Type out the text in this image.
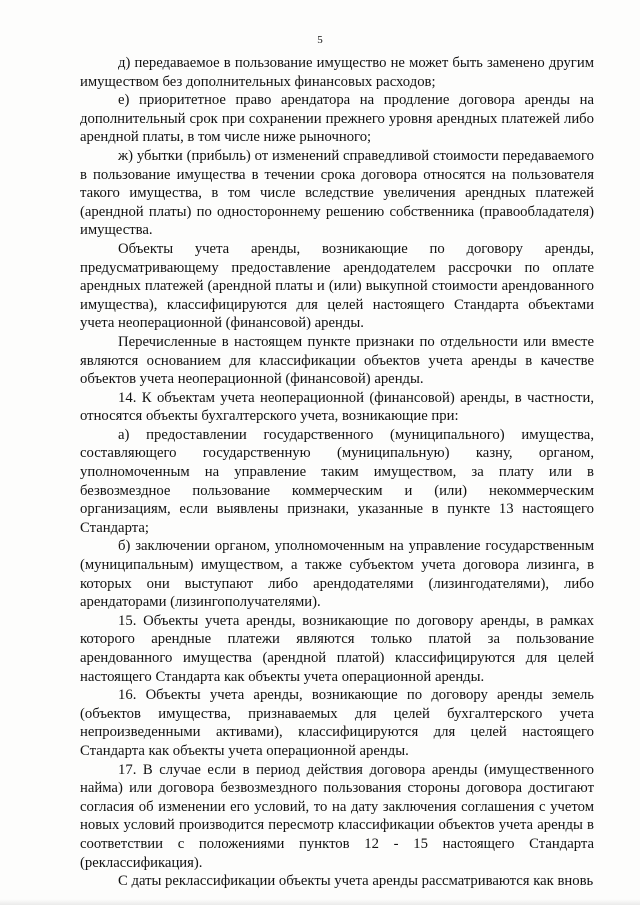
5

д) передаваемое в пользование имущество не может быть заменено другим имуществом без дополнительных финансовых расходов;

е) приоритетное право арендатора на продление договора аренды на дополнительный срок при сохранении прежнего уровня арендных платежей либо арендной платы, в том числе ниже рыночного;

ж) убытки (прибыль) от изменений справедливой стоимости передаваемого в пользование имущества в течении срока договора относятся на пользователя такого имущества, в том числе вследствие увеличения арендных платежей (арендной платы) по одностороннему решению собственника (правообладателя) имущества.

Объекты учета аренды, возникающие по договору аренды, предусматривающему предоставление арендодателем рассрочки по оплате арендных платежей (арендной платы и (или) выкупной стоимости арендованного имущества), классифицируются для целей настоящего Стандарта объектами учета неоперационной (финансовой) аренды.

Перечисленные в настоящем пункте признаки по отдельности или вместе являются основанием для классификации объектов учета аренды в качестве объектов учета неоперационной (финансовой) аренды.

14. К объектам учета неоперационной (финансовой) аренды, в частности, относятся объекты бухгалтерского учета, возникающие при:

а) предоставлении государственного (муниципального) имущества, составляющего государственную (муниципальную) казну, органом, уполномоченным на управление таким имуществом, за плату или в безвозмездное пользование коммерческим и (или) некоммерческим организациям, если выявлены признаки, указанные в пункте 13 настоящего Стандарта;

б) заключении органом, уполномоченным на управление государственным (муниципальным) имуществом, а также субъектом учета договора лизинга, в которых они выступают либо арендодателями (лизингодателями), либо арендаторами (лизингополучателями).

15. Объекты учета аренды, возникающие по договору аренды, в рамках которого арендные платежи являются только платой за пользование арендованного имущества (арендной платой) классифицируются для целей настоящего Стандарта как объекты учета операционной аренды.

16. Объекты учета аренды, возникающие по договору аренды земель (объектов имущества, признаваемых для целей бухгалтерского учета непроизведенными активами), классифицируются для целей настоящего Стандарта как объекты учета операционной аренды.

17. В случае если в период действия договора аренды (имущественного найма) или договора безвозмездного пользования стороны договора достигают согласия об изменении его условий, то на дату заключения соглашения с учетом новых условий производится пересмотр классификации объектов учета аренды в соответствии с положениями пунктов 12 - 15 настоящего Стандарта (реклассификация).

С даты реклассификации объекты учета аренды рассматриваются как вновь
